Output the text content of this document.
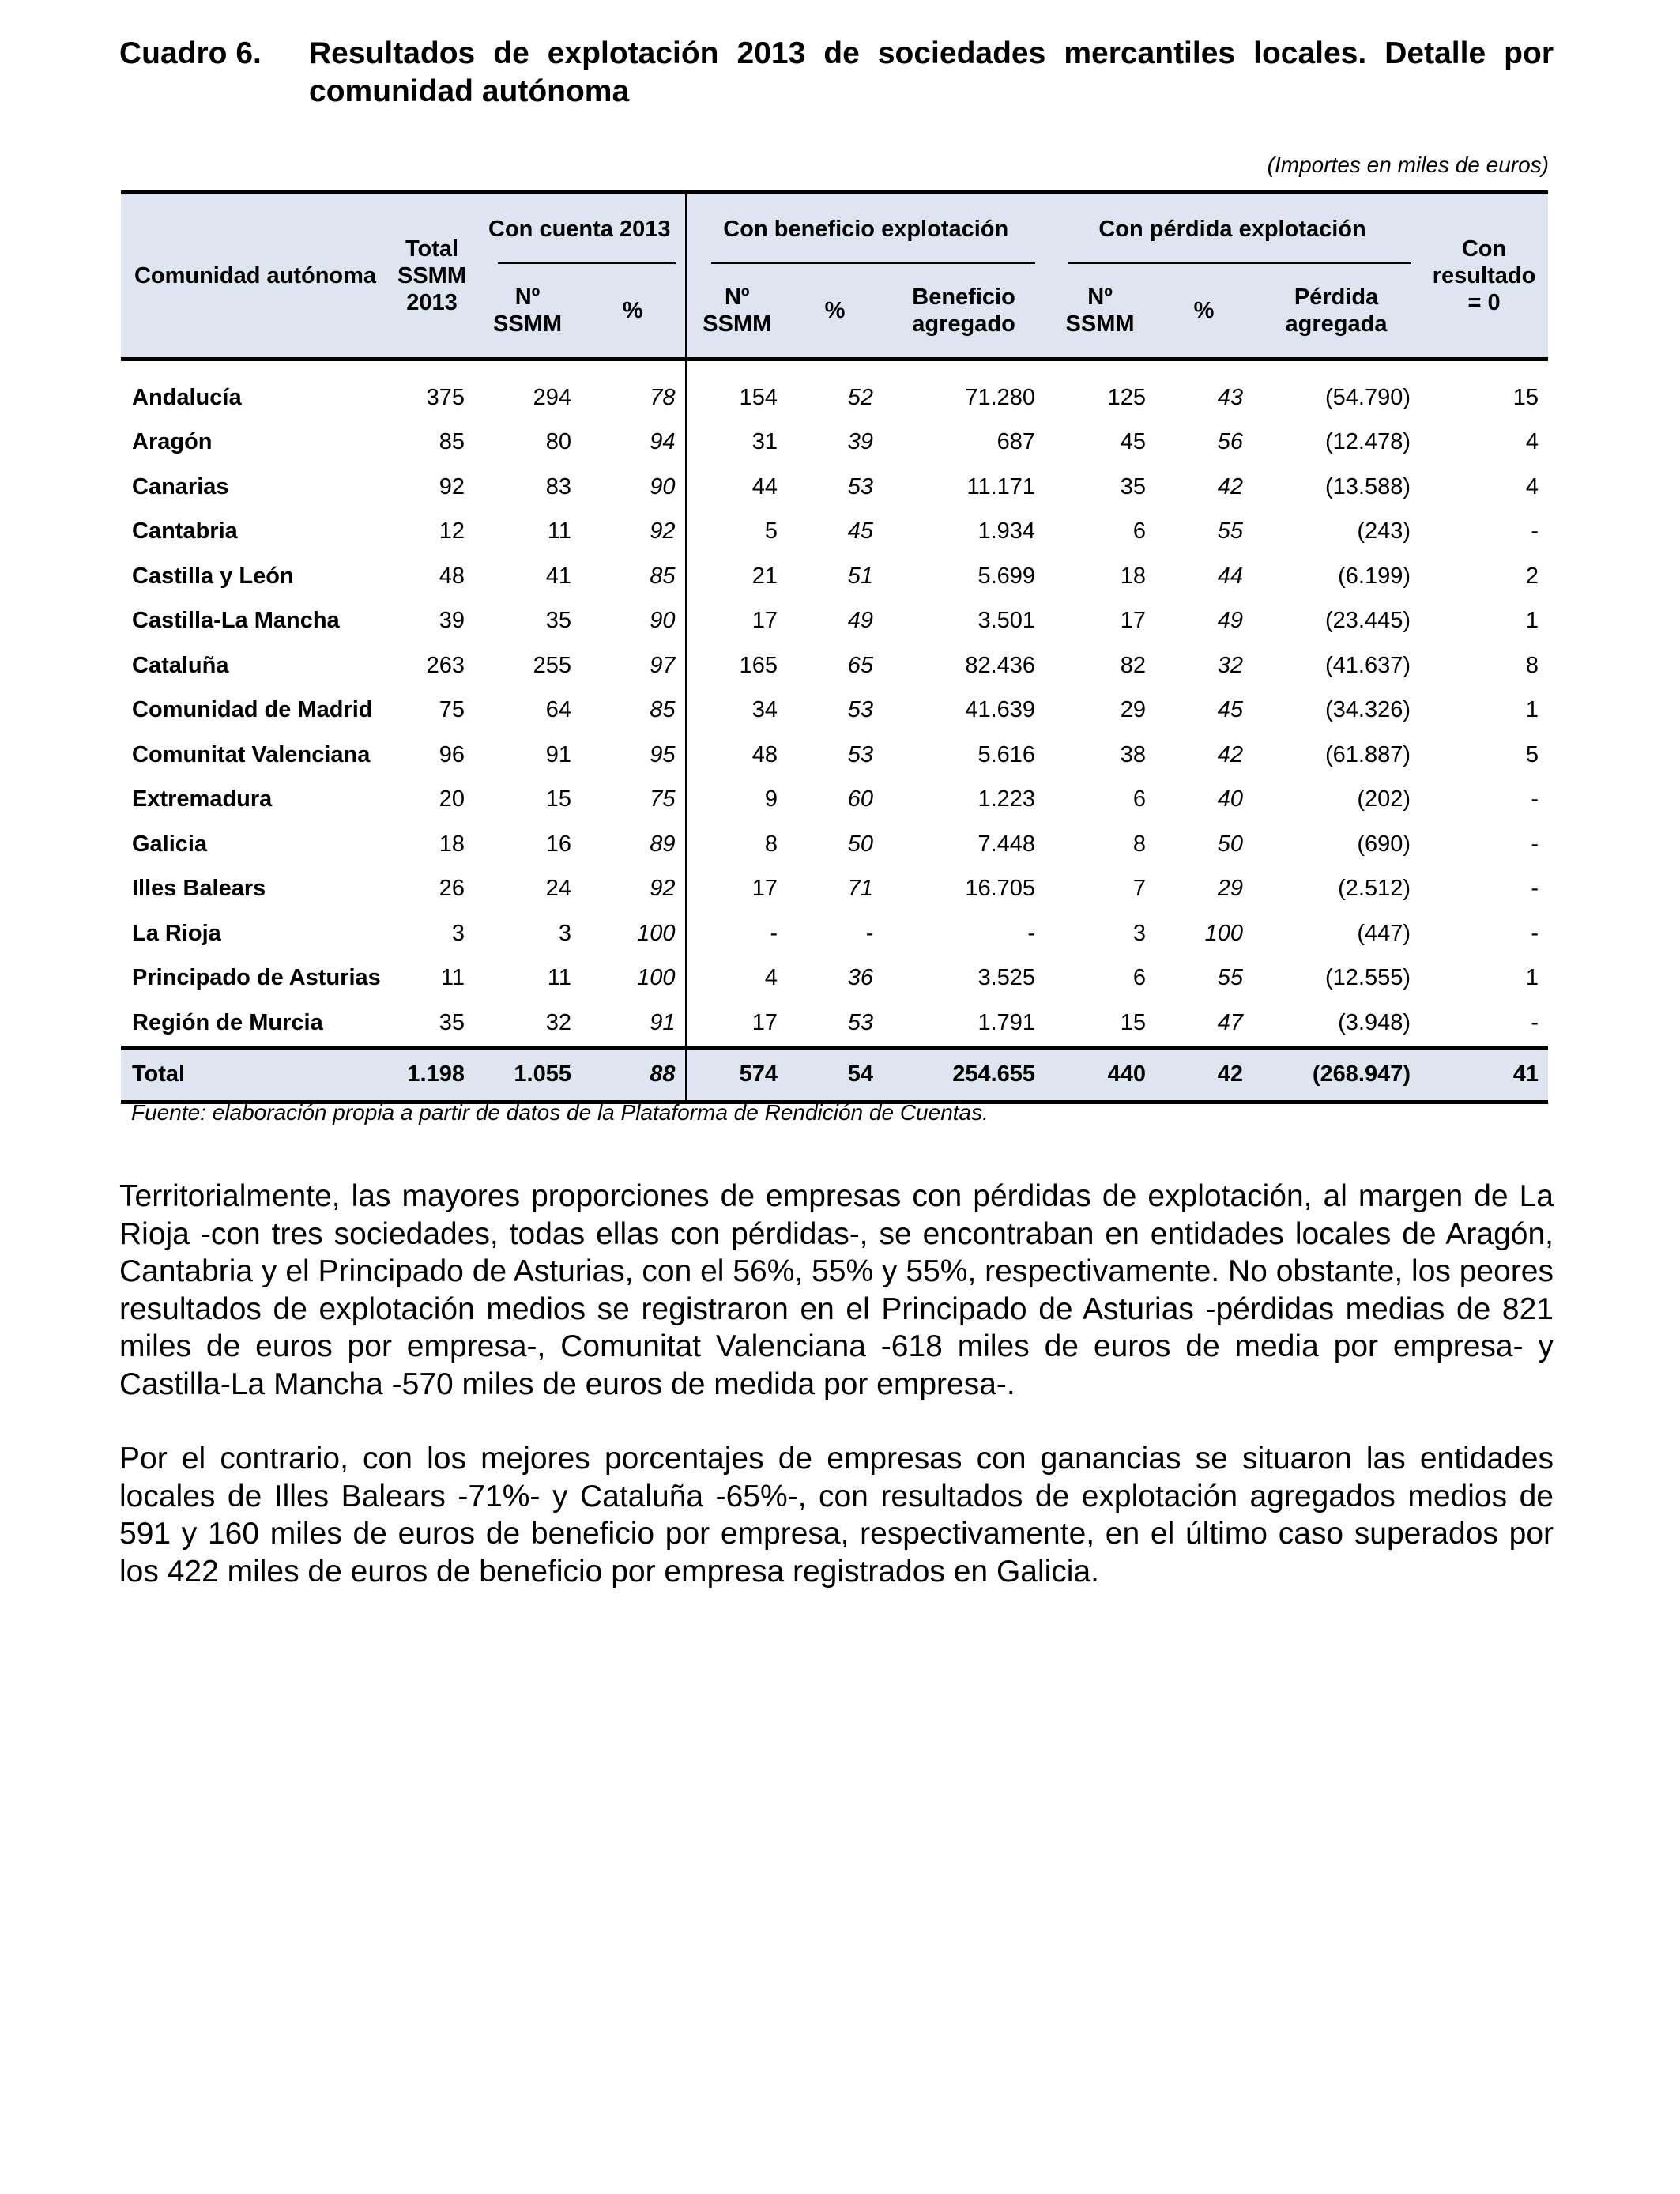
Cuadro 6. Resultados de explotación 2013 de sociedades mercantiles locales. Detalle por comunidad autónoma
(Importes en miles de euros)
Comunidad autónoma	Total SSMM 2013	Con cuenta 2013		Con beneficio explotación			Con pérdida explotación			Con resultado = 0
		Nº SSMM	%	Nº SSMM	%	Beneficio agregado	Nº SSMM	%	Pérdida agregada	
Andalucía	375	294	78	154	52	71.280	125	43	(54.790)	15
Aragón	85	80	94	31	39	687	45	56	(12.478)	4
Canarias	92	83	90	44	53	11.171	35	42	(13.588)	4
Cantabria	12	11	92	5	45	1.934	6	55	(243)	-
Castilla y León	48	41	85	21	51	5.699	18	44	(6.199)	2
Castilla-La Mancha	39	35	90	17	49	3.501	17	49	(23.445)	1
Cataluña	263	255	97	165	65	82.436	82	32	(41.637)	8
Comunidad de Madrid	75	64	85	34	53	41.639	29	45	(34.326)	1
Comunitat Valenciana	96	91	95	48	53	5.616	38	42	(61.887)	5
Extremadura	20	15	75	9	60	1.223	6	40	(202)	-
Galicia	18	16	89	8	50	7.448	8	50	(690)	-
Illes Balears	26	24	92	17	71	16.705	7	29	(2.512)	-
La Rioja	3	3	100	-	-	-	3	100	(447)	-
Principado de Asturias	11	11	100	4	36	3.525	6	55	(12.555)	1
Región de Murcia	35	32	91	17	53	1.791	15	47	(3.948)	-
Total	1.198	1.055	88	574	54	254.655	440	42	(268.947)	41
Fuente: elaboración propia a partir de datos de la Plataforma de Rendición de Cuentas.

Territorialmente, las mayores proporciones de empresas con pérdidas de explotación, al margen de La Rioja -con tres sociedades, todas ellas con pérdidas-, se encontraban en entidades locales de Aragón, Cantabria y el Principado de Asturias, con el 56%, 55% y 55%, respectivamente. No obstante, los peores resultados de explotación medios se registraron en el Principado de Asturias -pérdidas medias de 821 miles de euros por empresa-, Comunitat Valenciana -618 miles de euros de media por empresa- y Castilla-La Mancha -570 miles de euros de medida por empresa-.

Por el contrario, con los mejores porcentajes de empresas con ganancias se situaron las entidades locales de Illes Balears -71%- y Cataluña -65%-, con resultados de explotación agregados medios de 591 y 160 miles de euros de beneficio por empresa, respectivamente, en el último caso superados por los 422 miles de euros de beneficio por empresa registrados en Galicia.
